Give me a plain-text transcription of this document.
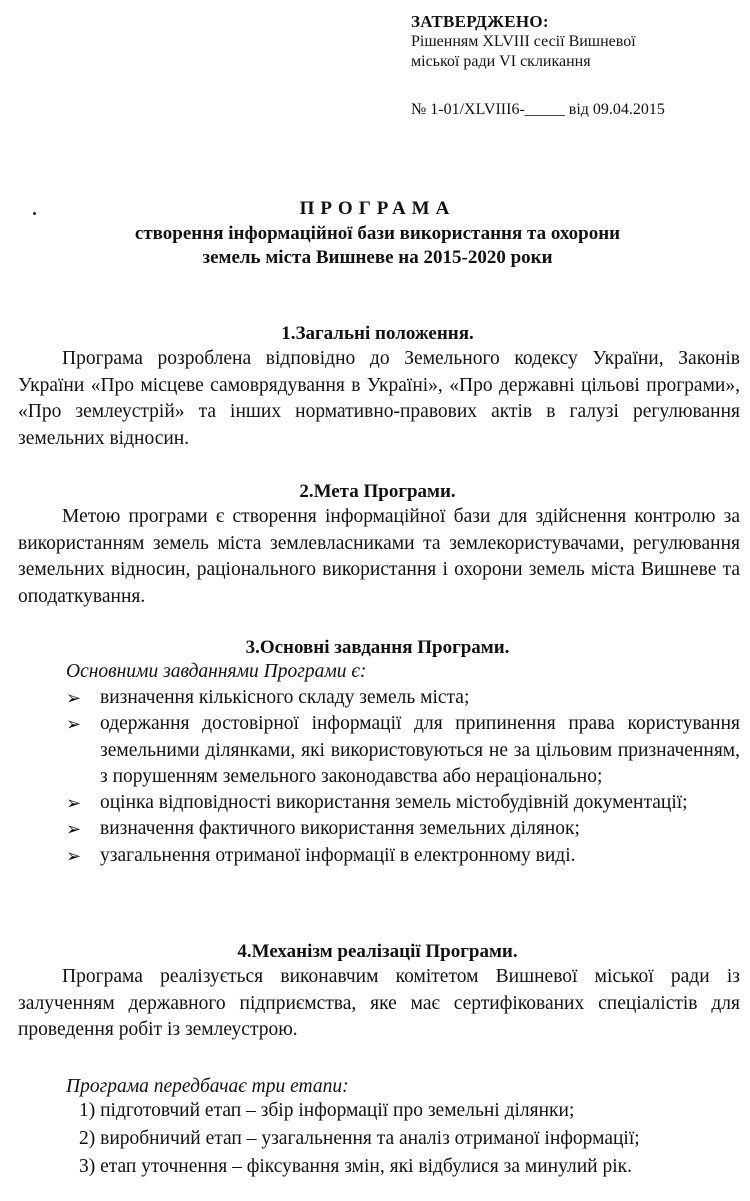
ЗАТВЕРДЖЕНО:
Рішенням XLVIII сесії Вишневої
міської ради VI скликання
№ 1-01/XLVIII6-_____ від 09.04.2015
ПРОГРАМА
створення інформаційної бази використання та охорони
земель міста Вишневе на 2015-2020 роки
1.Загальні положення.
Програма розроблена відповідно до Земельного кодексу України, Законів України «Про місцеве самоврядування в Україні», «Про державні цільові програми», «Про землеустрій» та інших нормативно-правових актів в галузі регулювання земельних відносин.
2.Мета Програми.
Метою програми є створення інформаційної бази для здійснення контролю за використанням земель міста землевласниками та землекористувачами, регулювання земельних відносин, раціонального використання і охорони земель міста Вишневе та оподаткування.
3.Основні завдання Програми.
Основними завданнями Програми є:
➢ визначення кількісного складу земель міста;
➢ одержання достовірної інформації для припинення права користування земельними ділянками, які використовуються не за цільовим призначенням, з порушенням земельного законодавства або нераціонально;
➢ оцінка відповідності використання земель містобудівній документації;
➢ визначення фактичного використання земельних ділянок;
➢ узагальнення отриманої інформації в електронному виді.
4.Механізм реалізації Програми.
Програма реалізується виконавчим комітетом Вишневої міської ради із залученням державного підприємства, яке має сертифікованих спеціалістів для проведення робіт із землеустрою.
Програма передбачає три етапи:
1) підготовчий етап – збір інформації про земельні ділянки;
2) виробничий етап – узагальнення та аналіз отриманої інформації;
3) етап уточнення – фіксування змін, які відбулися за минулий рік.
